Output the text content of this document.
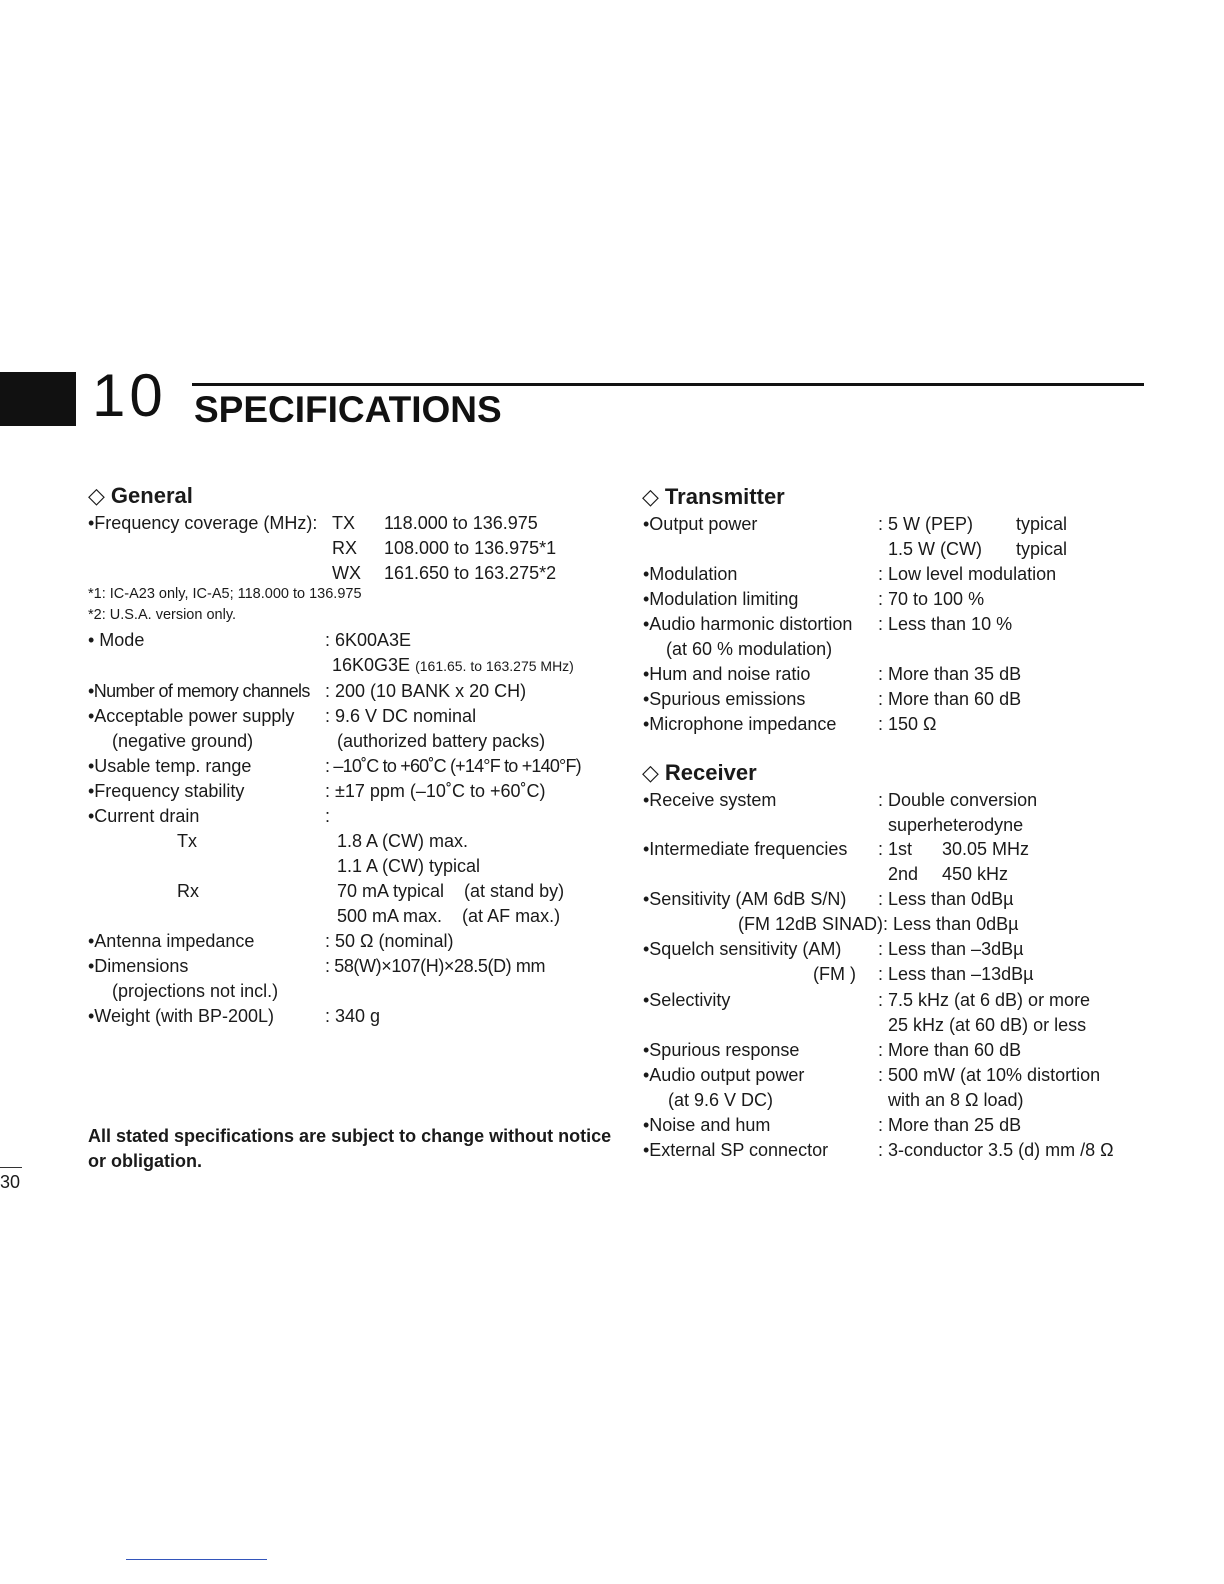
10 SPECIFICATIONS
◇ General
•Frequency coverage (MHz): TX 118.000 to 136.975
RX 108.000 to 136.975*1
WX 161.650 to 163.275*2
*1: IC-A23 only, IC-A5; 118.000 to 136.975
*2: U.S.A. version only.
• Mode	: 6K00A3E
16K0G3E (161.65. to 163.275 MHz)
•Number of memory channels : 200 (10 BANK x 20 CH)
•Acceptable power supply : 9.6 V DC nominal
(negative ground)	(authorized battery packs)
•Usable temp. range	: –10˚C to +60˚C (+14°F to +140°F)
•Frequency stability	: ±17 ppm (–10˚C to +60˚C)
•Current drain	:
Tx	1.8 A (CW) max.
1.1 A (CW) typical
Rx	70 mA typical    (at stand by)
500 mA max.    (at AF max.)
•Antenna impedance	: 50 Ω (nominal)
•Dimensions	: 58(W)×107(H)×28.5(D) mm
(projections not incl.)
•Weight (with BP-200L)	: 340 g
All stated specifications are subject to change without notice or obligation.
30
◇ Transmitter
•Output power	: 5 W (PEP) typical
1.5 W (CW) typical
•Modulation	: Low level modulation
•Modulation limiting	: 70 to 100 %
•Audio harmonic distortion : Less than 10 %
(at 60 % modulation)
•Hum and noise ratio	: More than 35 dB
•Spurious emissions	: More than 60 dB
•Microphone impedance : 150 Ω
◇ Receiver
•Receive system	: Double conversion
superheterodyne
•Intermediate frequencies : 1st 30.05 MHz
2nd 450 kHz
•Sensitivity (AM 6dB S/N) : Less than 0dBµ
(FM 12dB SINAD): Less than 0dBµ
•Squelch sensitivity (AM) : Less than –3dBµ
(FM ) : Less than –13dBµ
•Selectivity	: 7.5 kHz (at 6 dB) or more
25 kHz (at 60 dB) or less
•Spurious response	: More than 60 dB
•Audio output power	: 500 mW (at 10% distortion
(at 9.6 V DC)	with an 8 Ω load)
•Noise and hum	: More than 25 dB
•External SP connector	: 3-conductor 3.5 (d) mm /8 Ω
